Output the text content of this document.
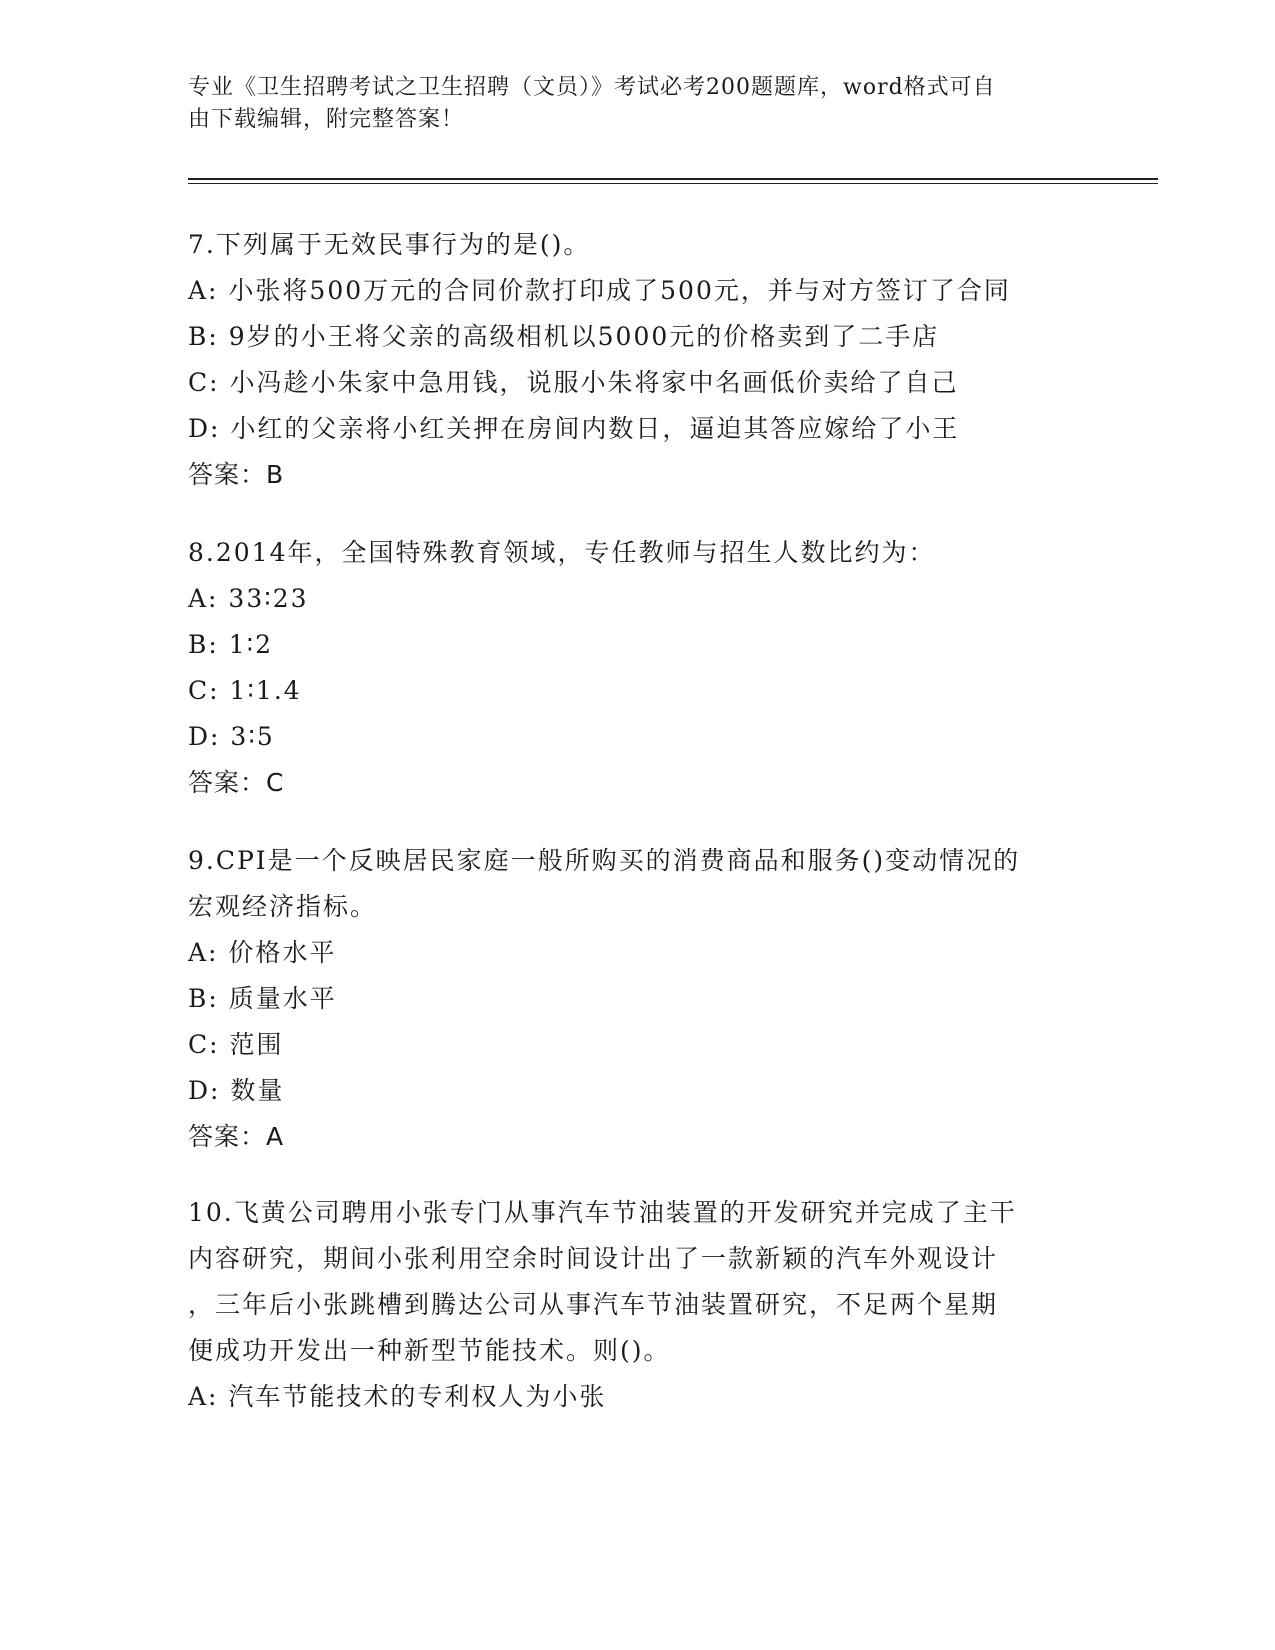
专业《卫生招聘考试之卫生招聘（文员）》考试必考200题题库，word格式可自
由下载编辑，附完整答案！
7.下列属于无效民事行为的是()。
A: 小张将500万元的合同价款打印成了500元，并与对方签订了合同
B: 9岁的小王将父亲的高级相机以5000元的价格卖到了二手店
C: 小冯趁小朱家中急用钱，说服小朱将家中名画低价卖给了自己
D: 小红的父亲将小红关押在房间内数日，逼迫其答应嫁给了小王
答案：B
8.2014年，全国特殊教育领域，专任教师与招生人数比约为：
A: 33∶23
B: 1∶2
C: 1∶1.4
D: 3∶5
答案：C
9.CPI是一个反映居民家庭一般所购买的消费商品和服务()变动情况的
宏观经济指标。
A: 价格水平
B: 质量水平
C: 范围
D: 数量
答案：A
10.飞黄公司聘用小张专门从事汽车节油装置的开发研究并完成了主干
内容研究，期间小张利用空余时间设计出了一款新颖的汽车外观设计
，三年后小张跳槽到腾达公司从事汽车节油装置研究，不足两个星期
便成功开发出一种新型节能技术。则()。
A: 汽车节能技术的专利权人为小张
